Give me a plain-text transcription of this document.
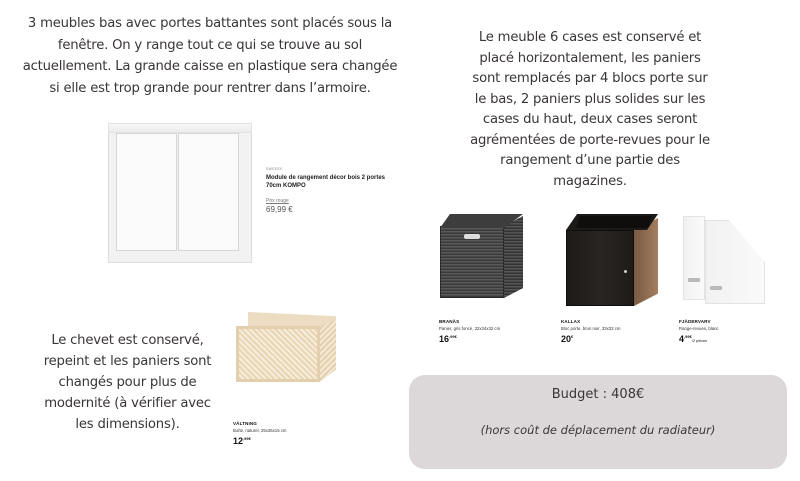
3 meubles bas avec portes battantes sont placés sous la fenêtre. On y range tout ce qui se trouve au sol actuellement. La grande caisse en plastique sera changée si elle est trop grande pour rentrer dans l’armoire.

Le meuble 6 cases est conservé et placé horizontalement, les paniers sont remplacés par 4 blocs porte sur le bas, 2 paniers plus solides sur les cases du haut, deux cases seront agrémentées de porte-revues pour le rangement d’une partie des magazines.

Le chevet est conservé, repeint et les paniers sont changés pour plus de modernité (à vérifier avec les dimensions).

SWEEEK
Module de rangement décor bois 2 portes 70cm KOMPO
Prix rouge
69,99 €
BRANÄS
Panier, gris foncé, 32x34x32 cm
$16^{,99€}$
KALLAX
Bloc porte, brun noir, 33x33 cm
20€
FJÄDERVARV
Range-revues, blanc
$4^{,99€}/2$ pièces
VÄLTNING
Boîte, naturel, 25x35x15 cm
$12^{,99€}$
Budget : 408€
(hors coût de déplacement du radiateur)
